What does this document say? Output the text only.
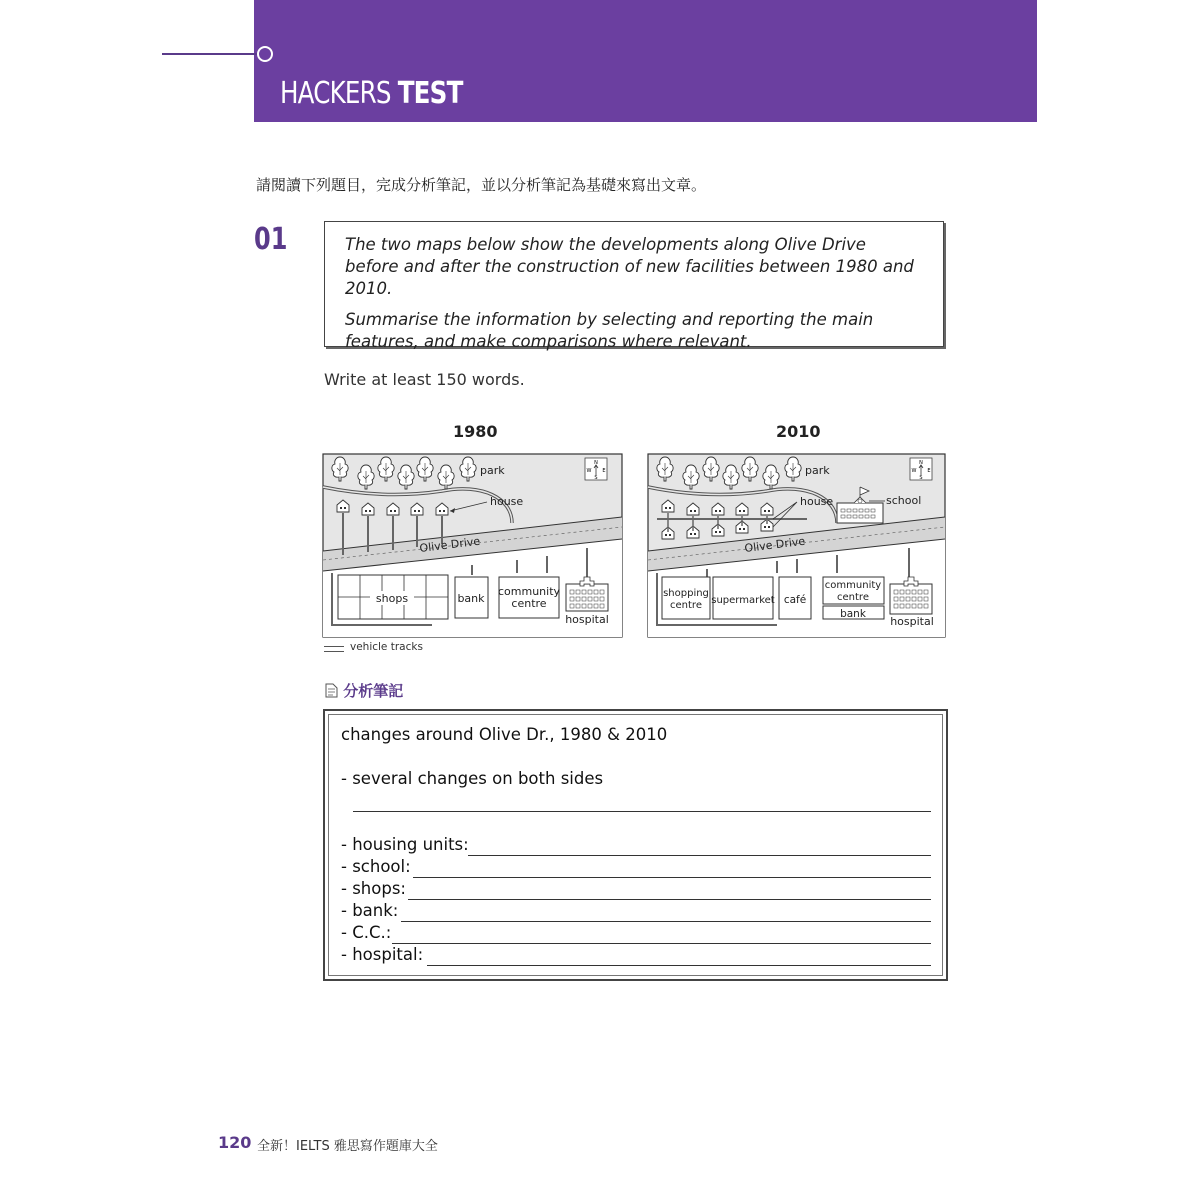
HACKERS TEST
請閱讀下列題目，完成分析筆記，並以分析筆記為基礎來寫出文章。
01	The two maps below show the developments along Olive Drive before and after the construction of new facilities between 1980 and 2010.

Summarise the information by selecting and reporting the main features, and make comparisons where relevant.

Write at least 150 words.
1980	2010
park
N
S
W E
house
Olive Drive
shops	bank
community
centre
hospital
park
N
S
W E
house	school
Olive Drive
shopping
centre supermarket café
community
centre
bank
hospital
vehicle tracks
分析筆記
changes around Olive Dr., 1980 & 2010
- several changes on both sides
- housing units:
- school:
- shops:
- bank:
- C.C.:
- hospital:
120 全新！IELTS 雅思寫作題庫大全
